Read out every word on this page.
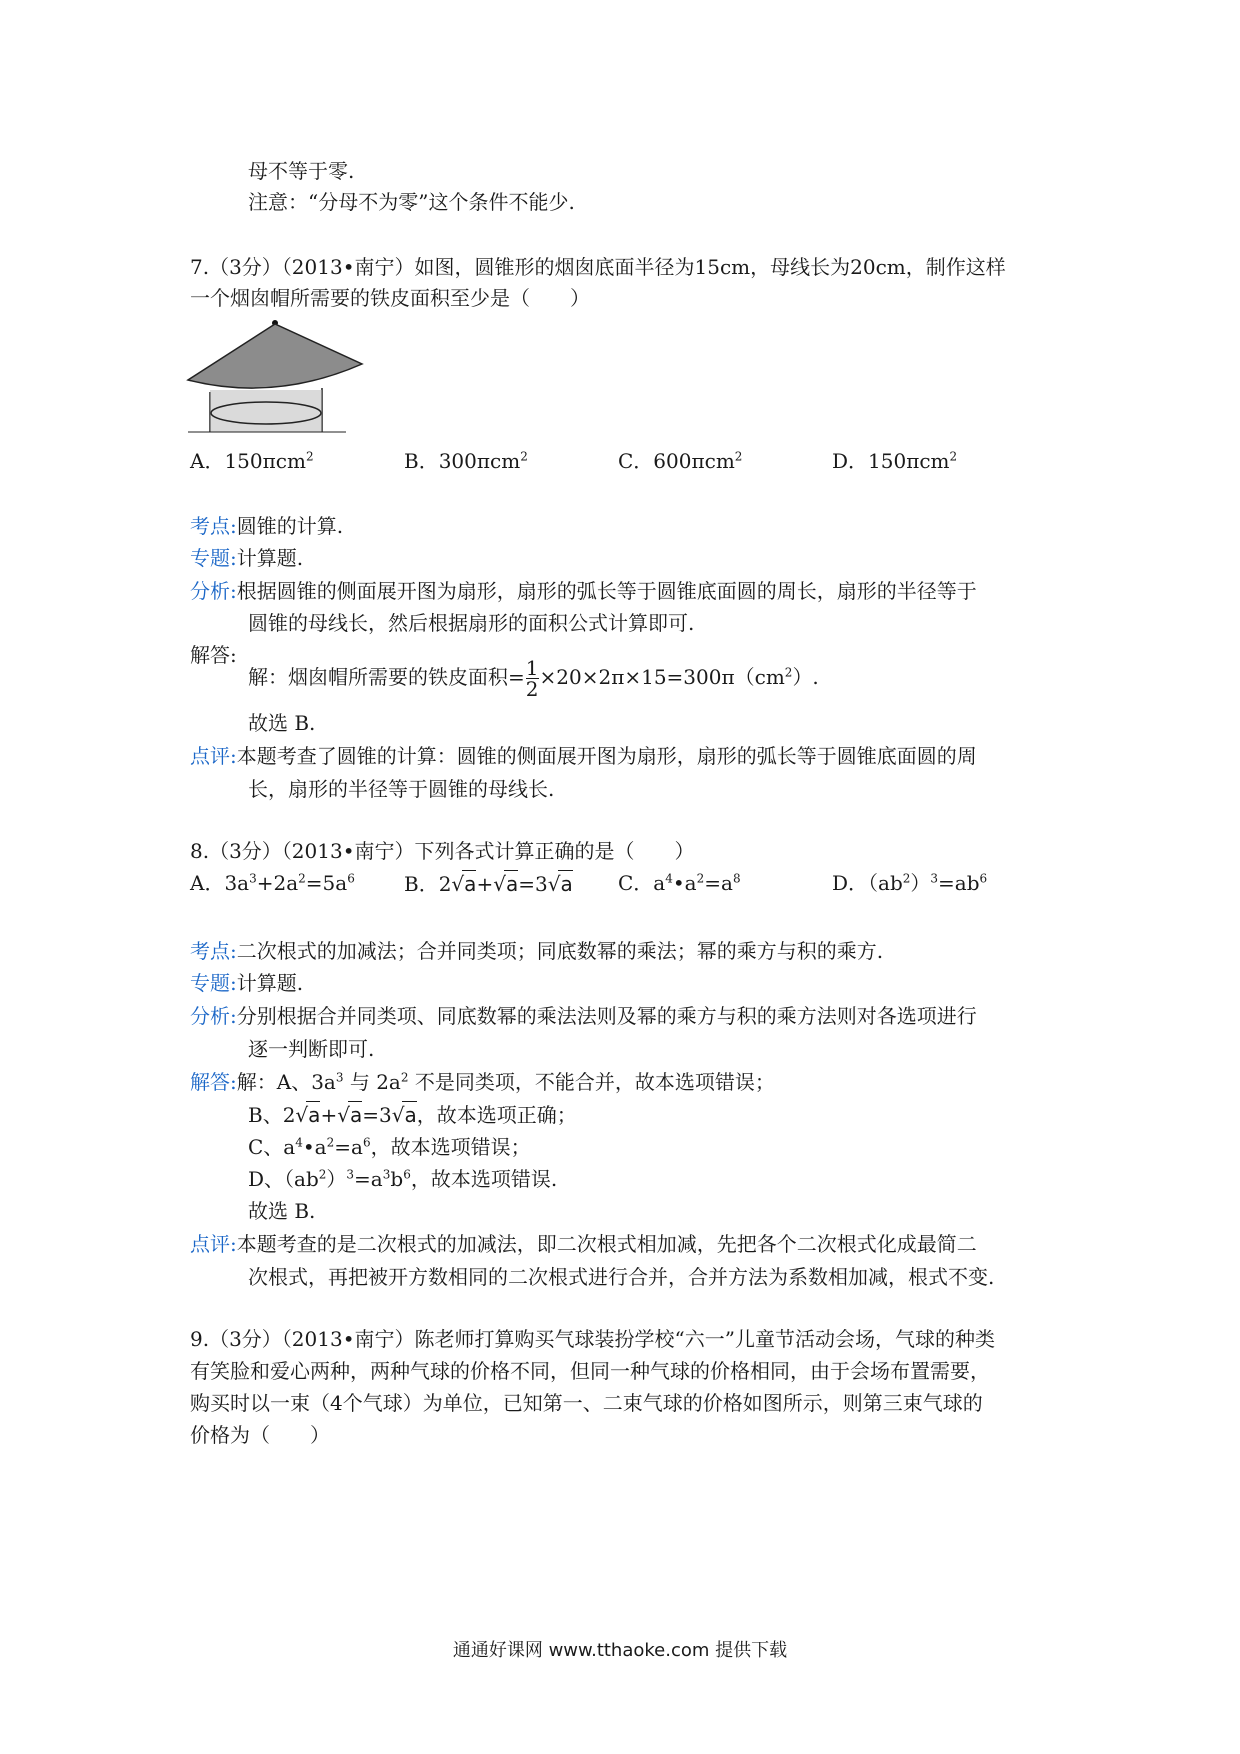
母不等于零.
注意：“分母不为零”这个条件不能少.
7.（3分）（2013•南宁）如图，圆锥形的烟囱底面半径为15cm，母线长为20cm，制作这样
一个烟囱帽所需要的铁皮面积至少是（　　）
A．150πcm$^2$	B．300πcm$^2$	C．600πcm$^2$	D．150πcm$^2$
考点:圆锥的计算.
专题:计算题.
分析:根据圆锥的侧面展开图为扇形，扇形的弧长等于圆锥底面圆的周长，扇形的半径等于
圆锥的母线长，然后根据扇形的面积公式计算即可.
解答:
解：烟囱帽所需要的铁皮面积= $\frac{1}{2} \times 20\times 2\pi\times 15=300\pi(cm^2)$.
故选 B.
点评:本题考查了圆锥的计算：圆锥的侧面展开图为扇形，扇形的弧长等于圆锥底面圆的周
长，扇形的半径等于圆锥的母线长.
8.（3分）（2013•南宁）下列各式计算正确的是（　　）
A．$3a^3+2a^2=5a^6$ B．2√a+√a=3√a C．$a^4•a^2=a^8$	D．$(ab^2)^3=ab^6$
考点:二次根式的加减法；合并同类项；同底数幂的乘法；幂的乘方与积的乘方.
专题:计算题.
分析:分别根据合并同类项、同底数幂的乘法法则及幂的乘方与积的乘方法则对各选项进行
逐一判断即可.
解答:解：A、$3a^3$ 与 $2a^2$ 不是同类项，不能合并，故本选项错误；
B、2√a+√a=3√a，故本选项正确；
C、$a^4•a^2=a^6$，故本选项错误；
D、$(ab^2)^3=a^3b^6$，故本选项错误.
故选 B.
点评:本题考查的是二次根式的加减法，即二次根式相加减，先把各个二次根式化成最简二
次根式，再把被开方数相同的二次根式进行合并，合并方法为系数相加减，根式不变.
9.（3分）（2013•南宁）陈老师打算购买气球装扮学校“六一”儿童节活动会场，气球的种类
有笑脸和爱心两种，两种气球的价格不同，但同一种气球的价格相同，由于会场布置需要，
购买时以一束（4个气球）为单位，已知第一、二束气球的价格如图所示，则第三束气球的
价格为（　　）
通通好课网 www.tthaoke.com 提供下载
